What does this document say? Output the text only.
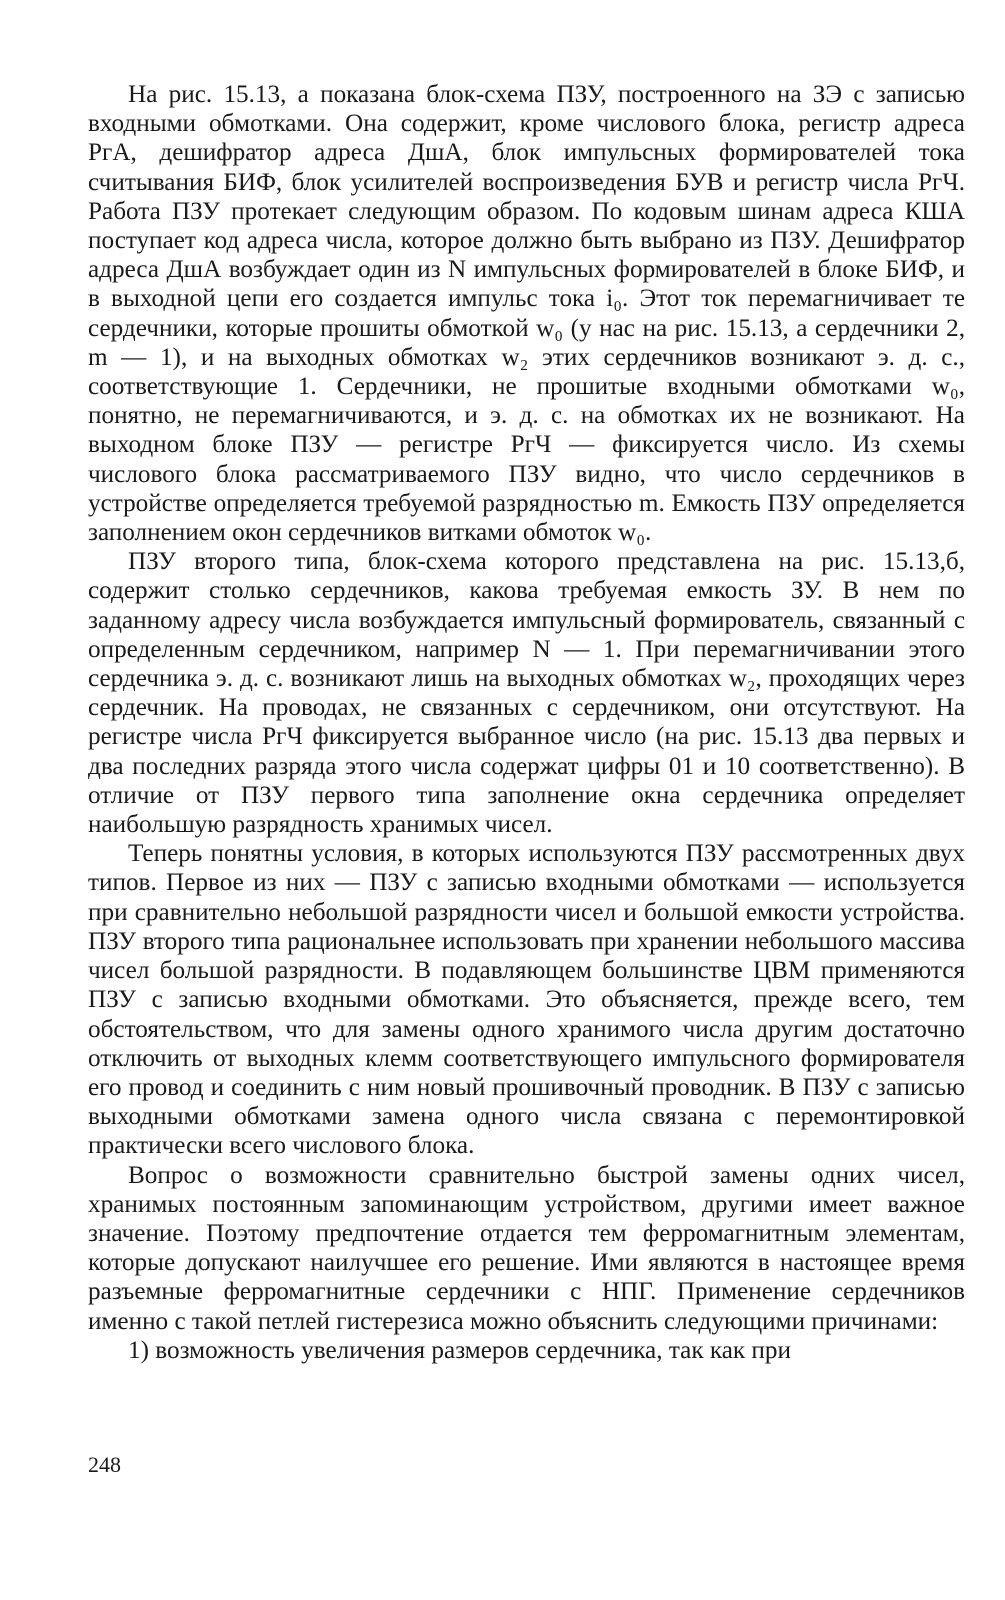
На рис. 15.13, а показана блок-схема ПЗУ, построенного на ЗЭ с записью входными обмотками. Она содержит, кроме числового блока, регистр адреса РгА, дешифратор адреса ДшА, блок импульсных формирователей тока считывания БИФ, блок усилителей воспроизведения БУВ и регистр числа РгЧ. Работа ПЗУ протекает следующим образом. По кодовым шинам адреса КША поступает код адреса числа, которое должно быть выбрано из ПЗУ. Дешифратор адреса ДшА возбуждает один из N импульсных формирователей в блоке БИФ, и в выходной цепи его создается импульс тока i₀. Этот ток перемагничивает те сердечники, которые прошиты обмоткой w₀ (у нас на рис. 15.13, а сердечники 2, m — 1), и на выходных обмотках w₂ этих сердечников возникают э. д. с., соответствующие 1. Сердечники, не прошитые входными обмотками w₀, понятно, не перемагничиваются, и э. д. с. на обмотках их не возникают. На выходном блоке ПЗУ — регистре РгЧ — фиксируется число. Из схемы числового блока рассматриваемого ПЗУ видно, что число сердечников в устройстве определяется требуемой разрядностью m. Емкость ПЗУ определяется заполнением окон сердечников витками обмоток w₀.

ПЗУ второго типа, блок-схема которого представлена на рис. 15.13,б, содержит столько сердечников, какова требуемая емкость ЗУ. В нем по заданному адресу числа возбуждается импульсный формирователь, связанный с определенным сердечником, например N — 1. При перемагничивании этого сердечника э. д. с. возникают лишь на выходных обмотках w₂, проходящих через сердечник. На проводах, не связанных с сердечником, они отсутствуют. На регистре числа РгЧ фиксируется выбранное число (на рис. 15.13 два первых и два последних разряда этого числа содержат цифры 01 и 10 соответственно). В отличие от ПЗУ первого типа заполнение окна сердечника определяет наибольшую разрядность хранимых чисел.

Теперь понятны условия, в которых используются ПЗУ рассмотренных двух типов. Первое из них — ПЗУ с записью входными обмотками — используется при сравнительно небольшой разрядности чисел и большой емкости устройства. ПЗУ второго типа рациональнее использовать при хранении небольшого массива чисел большой разрядности. В подавляющем большинстве ЦВМ применяются ПЗУ с записью входными обмотками. Это объясняется, прежде всего, тем обстоятельством, что для замены одного хранимого числа другим достаточно отключить от выходных клемм соответствующего импульсного формирователя его провод и соединить с ним новый прошивочный проводник. В ПЗУ с записью выходными обмотками замена одного числа связана с перемонтировкой практически всего числового блока.

Вопрос о возможности сравнительно быстрой замены одних чисел, хранимых постоянным запоминающим устройством, другими имеет важное значение. Поэтому предпочтение отдается тем ферромагнитным элементам, которые допускают наилучшее его решение. Ими являются в настоящее время разъемные ферромагнитные сердечники с НПГ. Применение сердечников именно с такой петлей гистерезиса можно объяснить следующими причинами:

1) возможность увеличения размеров сердечника, так как при
248
